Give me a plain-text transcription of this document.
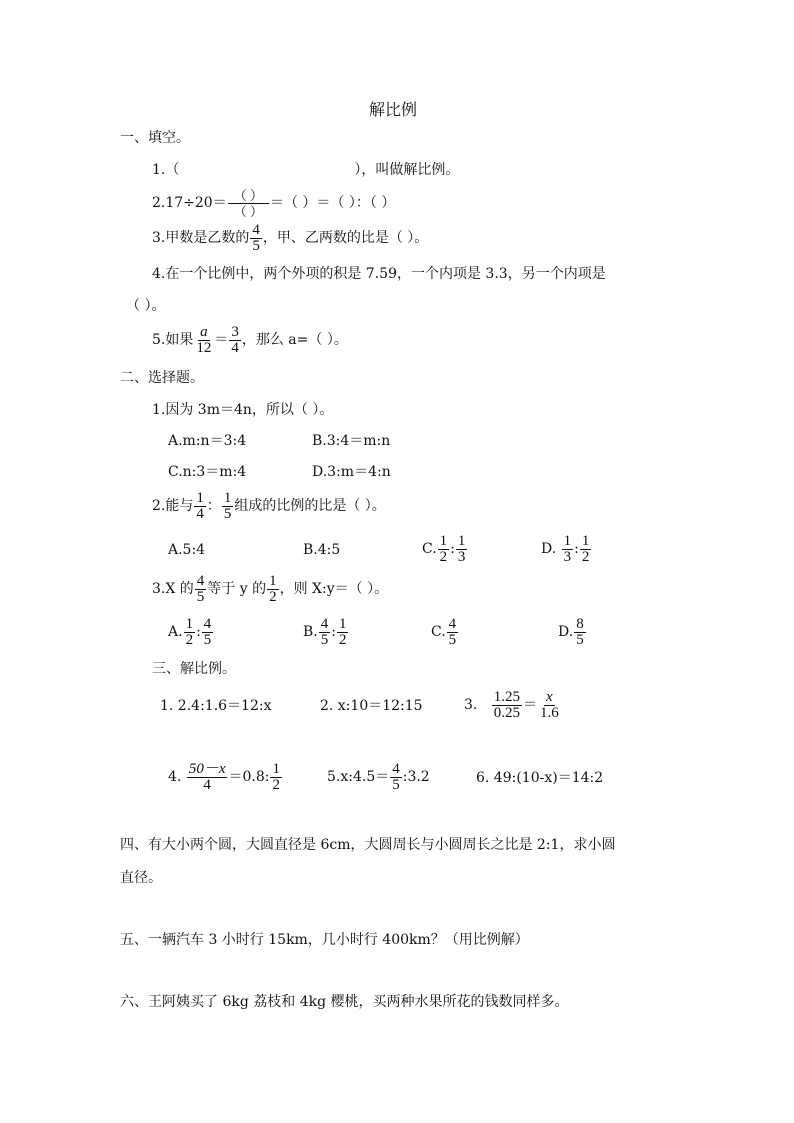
解比例
一、填空。
1.（	），叫做解比例。
$2.17\div 20= \frac{( )}{( )}$ ＝（ ）＝（ ）：（ ）
3.甲数是乙数的 $\frac{4}{5}$ ，甲、乙两数的比是（ ）。
4.在一个比例中，两个外项的积是 7.59，一个内项是 3.3，另一个内项是
（ ）。
5.如果 $\frac{a}{12} = \frac{3}{4}$ ，那么 a=（ ）。
二、选择题。
1.因为 3m＝4n，所以（ ）。
A.m:n＝3:4	B.3:4＝m:n
C.n:3＝m:4	D.3:m＝4:n
2.能与 $\frac{1}{4}$ ： $\frac{1}{5}$ 组成的比例的比是（ ）。
A.5:4	B.4:5	C. $\frac{1}{2}$ : $\frac{1}{3}$	D. $\frac{1}{3}$ : $\frac{1}{2}$
3.X 的 $\frac{4}{5}$ 等于 y 的 $\frac{1}{2}$ ，则 X:y＝（ ）。
A. $\frac{1}{2}$ : $\frac{4}{5}$	B. $\frac{4}{5}$ : $\frac{1}{2}$	C. $\frac{4}{5}$	D. $\frac{8}{5}$
三、解比例。
1. 2.4:1.6＝12:x	2. x:10＝12:15	3. $\frac{1.25}{0.25} = \frac{x}{1.6}$
4. $\frac{50-x}{4} =0.8$: $\frac{1}{2}$	5.x:4.5＝ $\frac{4}{5}$ :3.2	6. 49:(10-x)＝14:2
四、有大小两个圆，大圆直径是 6cm，大圆周长与小圆周长之比是 2:1，求小圆
直径。
五、一辆汽车 3 小时行 15km，几小时行 400km？（用比例解）
六、王阿姨买了 6kg 荔枝和 4kg 樱桃，买两种水果所花的钱数同样多。
